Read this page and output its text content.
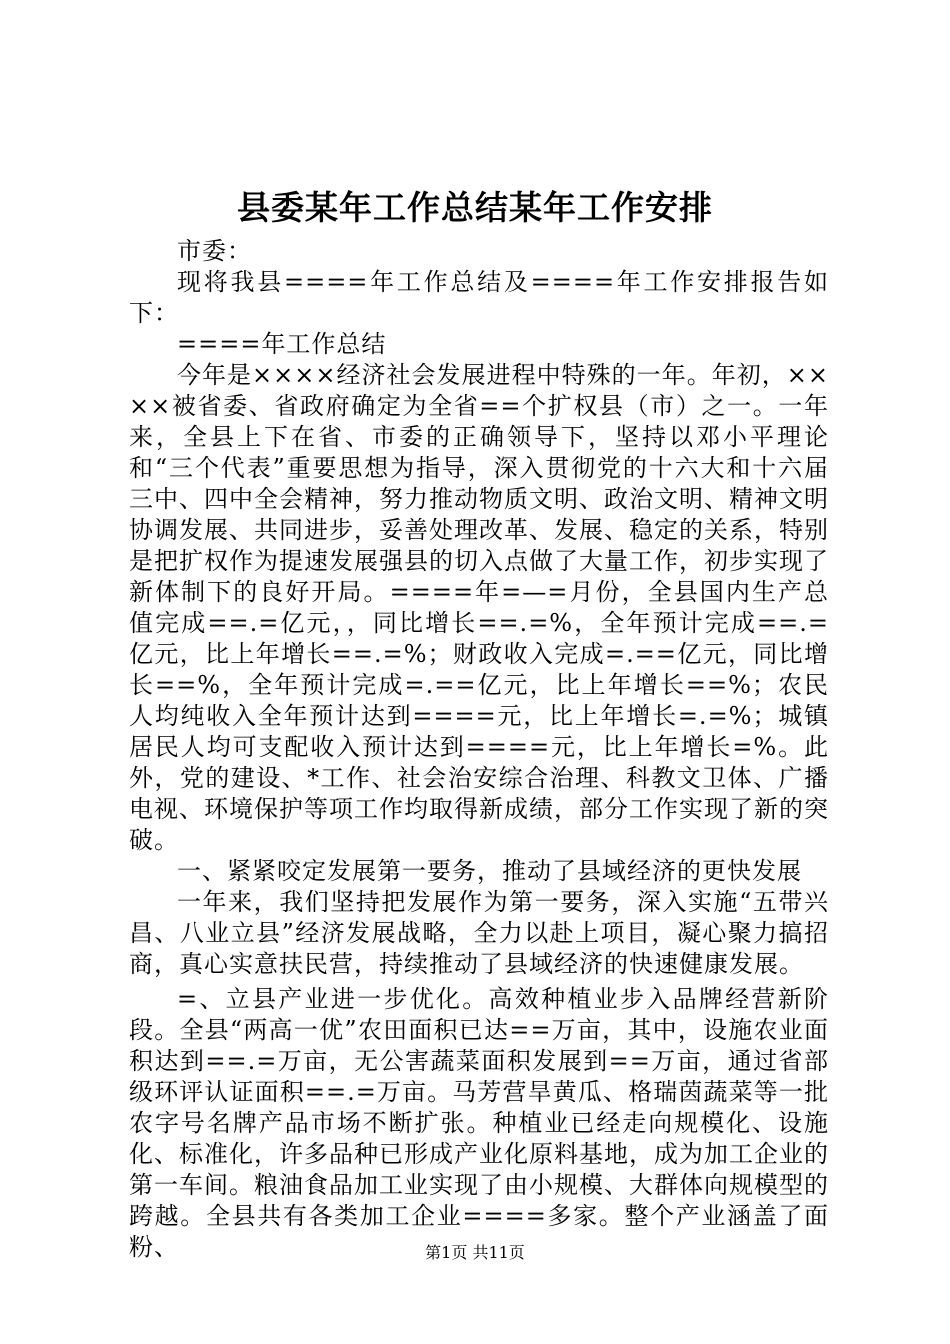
县委某年工作总结某年工作安排

市委：

现将我县====年工作总结及====年工作安排报告如下：

====年工作总结

今年是××××经济社会发展进程中特殊的一年。年初，××××被省委、省政府确定为全省==个扩权县（市）之一。一年来，全县上下在省、市委的正确领导下，坚持以邓小平理论和“三个代表”重要思想为指导，深入贯彻党的十六大和十六届三中、四中全会精神，努力推动物质文明、政治文明、精神文明协调发展、共同进步，妥善处理改革、发展、稳定的关系，特别是把扩权作为提速发展强县的切入点做了大量工作，初步实现了新体制下的良好开局。====年=—=月份，全县国内生产总值完成==.=亿元，，同比增长==.=%，全年预计完成==.=亿元，比上年增长==.=%；财政收入完成=.==亿元，同比增长==%，全年预计完成=.==亿元，比上年增长==%；农民人均纯收入全年预计达到====元，比上年增长=.=%；城镇居民人均可支配收入预计达到====元，比上年增长=%。此外，党的建设、*工作、社会治安综合治理、科教文卫体、广播电视、环境保护等项工作均取得新成绩，部分工作实现了新的突破。

一、紧紧咬定发展第一要务，推动了县域经济的更快发展

一年来，我们坚持把发展作为第一要务，深入实施“五带兴昌、八业立县”经济发展战略，全力以赴上项目，凝心聚力搞招商，真心实意扶民营，持续推动了县域经济的快速健康发展。

=、立县产业进一步优化。高效种植业步入品牌经营新阶段。全县“两高一优”农田面积已达==万亩，其中，设施农业面积达到==.=万亩，无公害蔬菜面积发展到==万亩，通过省部级环评认证面积==.=万亩。马芳营旱黄瓜、格瑞茵蔬菜等一批农字号名牌产品市场不断扩张。种植业已经走向规模化、设施化、标准化，许多品种已形成产业化原料基地，成为加工企业的第一车间。粮油食品加工业实现了由小规模、大群体向规模型的跨越。全县共有各类加工企业====多家。整个产业涵盖了面粉、	第1页 共11页
